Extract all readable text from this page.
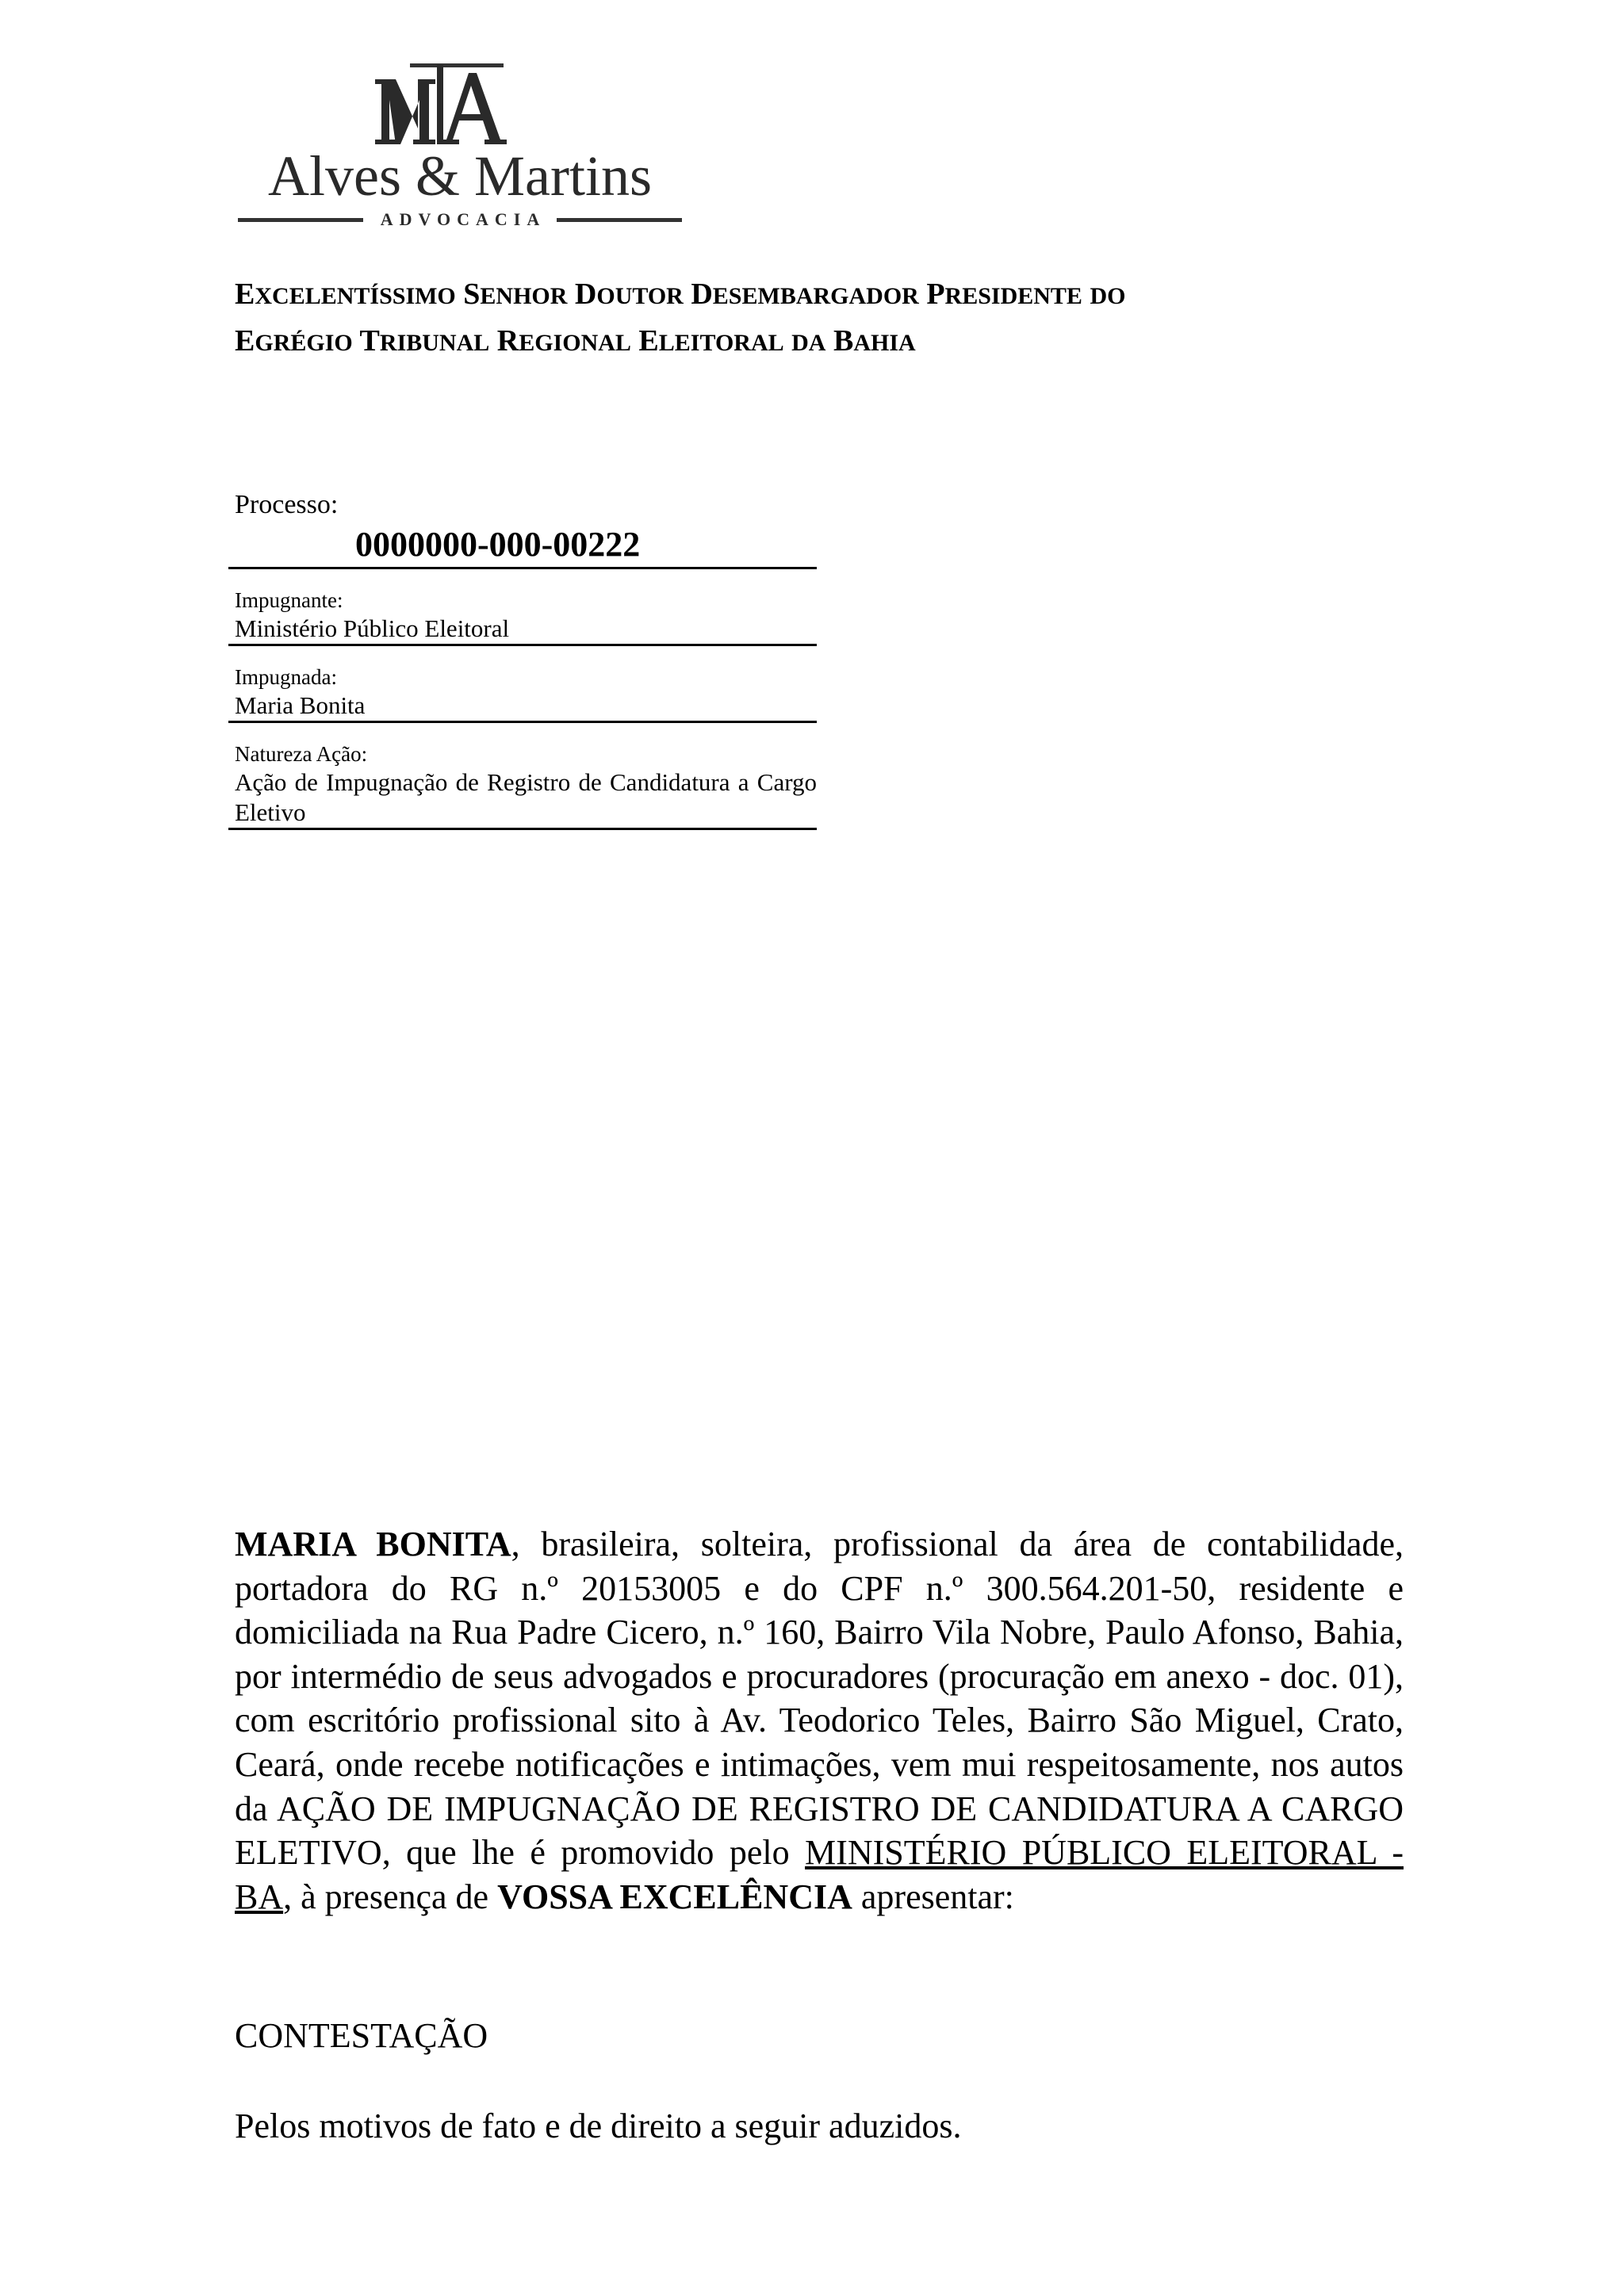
Alves & Martins
ADVOCACIA
EXCELENTÍSSIMO SENHOR DOUTOR DESEMBARGADOR PRESIDENTE DO
EGRÉGIO TRIBUNAL REGIONAL ELEITORAL DA BAHIA
Processo:
0000000-000-00222
Impugnante:
Ministério Público Eleitoral
Impugnada:
Maria Bonita
Natureza Ação:
Ação de Impugnação de Registro de Candidatura a Cargo Eletivo
MARIA BONITA, brasileira, solteira, profissional da área de contabilidade, portadora do RG n.º 20153005 e do CPF n.º 300.564.201-50, residente e domiciliada na Rua Padre Cicero, n.º 160, Bairro Vila Nobre, Paulo Afonso, Bahia, por intermédio de seus advogados e procuradores (procuração em anexo - doc. 01), com escritório profissional sito à Av. Teodorico Teles, Bairro São Miguel, Crato, Ceará, onde recebe notificações e intimações, vem mui respeitosamente, nos autos da AÇÃO DE IMPUGNAÇÃO DE REGISTRO DE CANDIDATURA A CARGO ELETIVO, que lhe é promovido pelo MINISTÉRIO PÚBLICO ELEITORAL - BA, à presença de VOSSA EXCELÊNCIA apresentar:
CONTESTAÇÃO
Pelos motivos de fato e de direito a seguir aduzidos.
